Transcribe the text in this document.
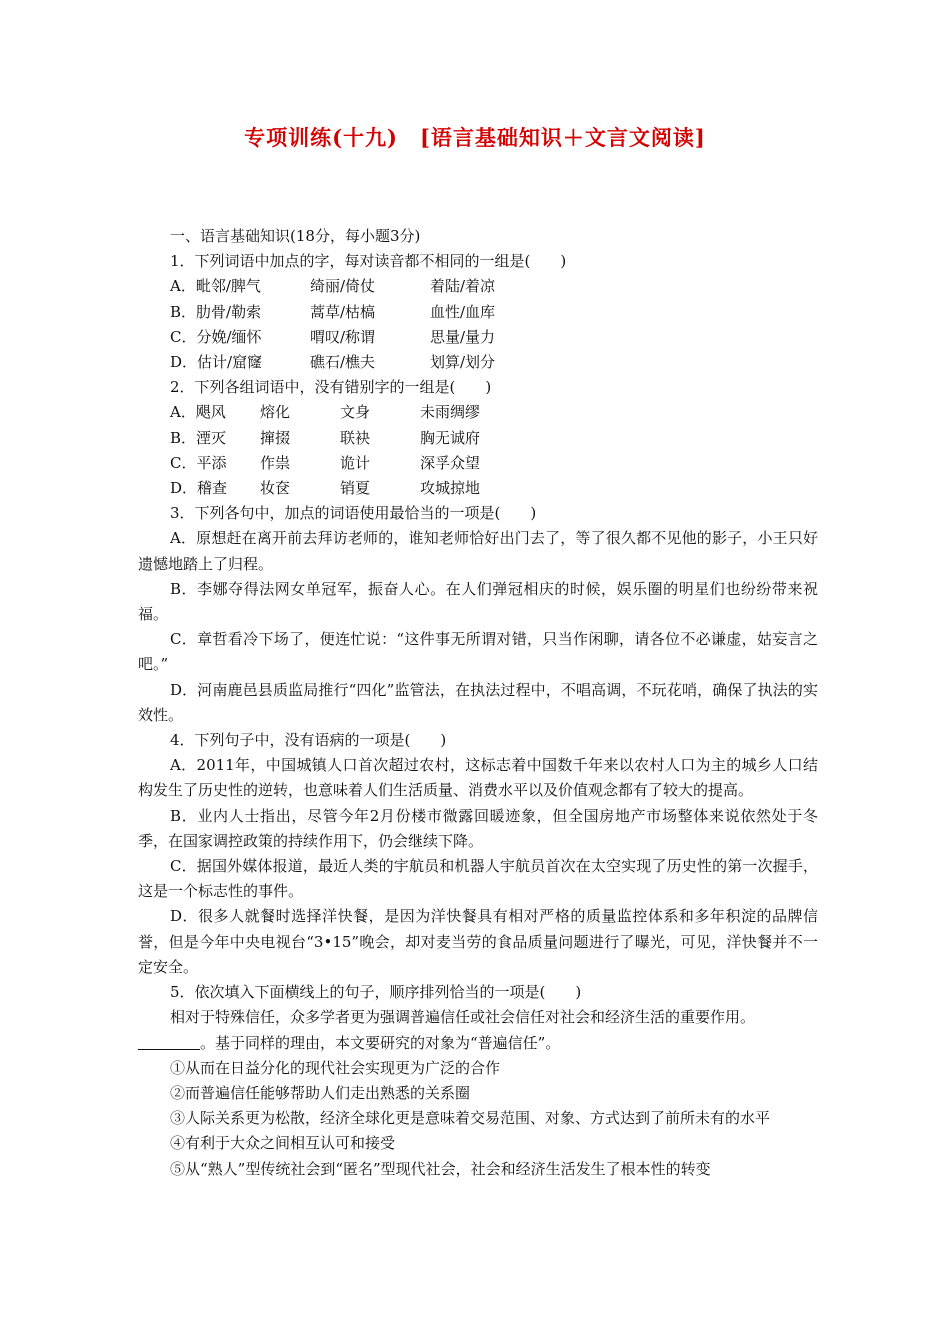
专项训练(十九)　[语言基础知识＋文言文阅读]
一、语言基础知识(18分，每小题3分)
1．下列词语中加点的字，每对读音都不相同的一组是(　　)
A．毗邻/脾气	绮丽/倚仗	着陆/着凉
B．肋骨/勒索	蒿草/枯槁	血性/血库
C．分娩/缅怀	喟叹/称谓	思量/量力
D．估计/窟窿	礁石/樵夫	划算/划分
2．下列各组词语中，没有错别字的一组是(　　)
A．飓风	熔化	文身	未雨绸缪
B．湮灭	撺掇	联袂	胸无诚府
C．平添	作祟	诡计	深孚众望
D．稽查	妆奁	销夏	攻城掠地
3．下列各句中，加点的词语使用最恰当的一项是(　　)
A．原想赶在离开前去拜访老师的，谁知老师恰好出门去了，等了很久都不见他的影子，小王只好遗憾地踏上了归程。
B．李娜夺得法网女单冠军，振奋人心。在人们弹冠相庆的时候，娱乐圈的明星们也纷纷带来祝福。
C．章哲看冷下场了，便连忙说：“这件事无所谓对错，只当作闲聊，请各位不必谦虚，姑妄言之吧。”
D．河南鹿邑县质监局推行“四化”监管法，在执法过程中，不唱高调，不玩花哨，确保了执法的实效性。
4．下列句子中，没有语病的一项是(　　)
A．2011年，中国城镇人口首次超过农村，这标志着中国数千年来以农村人口为主的城乡人口结构发生了历史性的逆转，也意味着人们生活质量、消费水平以及价值观念都有了较大的提高。
B．业内人士指出，尽管今年2月份楼市微露回暖迹象，但全国房地产市场整体来说依然处于冬季，在国家调控政策的持续作用下，仍会继续下降。
C．据国外媒体报道，最近人类的宇航员和机器人宇航员首次在太空实现了历史性的第一次握手，这是一个标志性的事件。
D．很多人就餐时选择洋快餐，是因为洋快餐具有相对严格的质量监控体系和多年积淀的品牌信誉，但是今年中央电视台“3•15”晚会，却对麦当劳的食品质量问题进行了曝光，可见，洋快餐并不一定安全。
5．依次填入下面横线上的句子，顺序排列恰当的一项是(　　)
相对于特殊信任，众多学者更为强调普遍信任或社会信任对社会和经济生活的重要作用。
。基于同样的理由，本文要研究的对象为“普遍信任”。
①从而在日益分化的现代社会实现更为广泛的合作
②而普遍信任能够帮助人们走出熟悉的关系圈
③人际关系更为松散，经济全球化更是意味着交易范围、对象、方式达到了前所未有的水平
④有利于大众之间相互认可和接受
⑤从“熟人”型传统社会到“匿名”型现代社会，社会和经济生活发生了根本性的转变
